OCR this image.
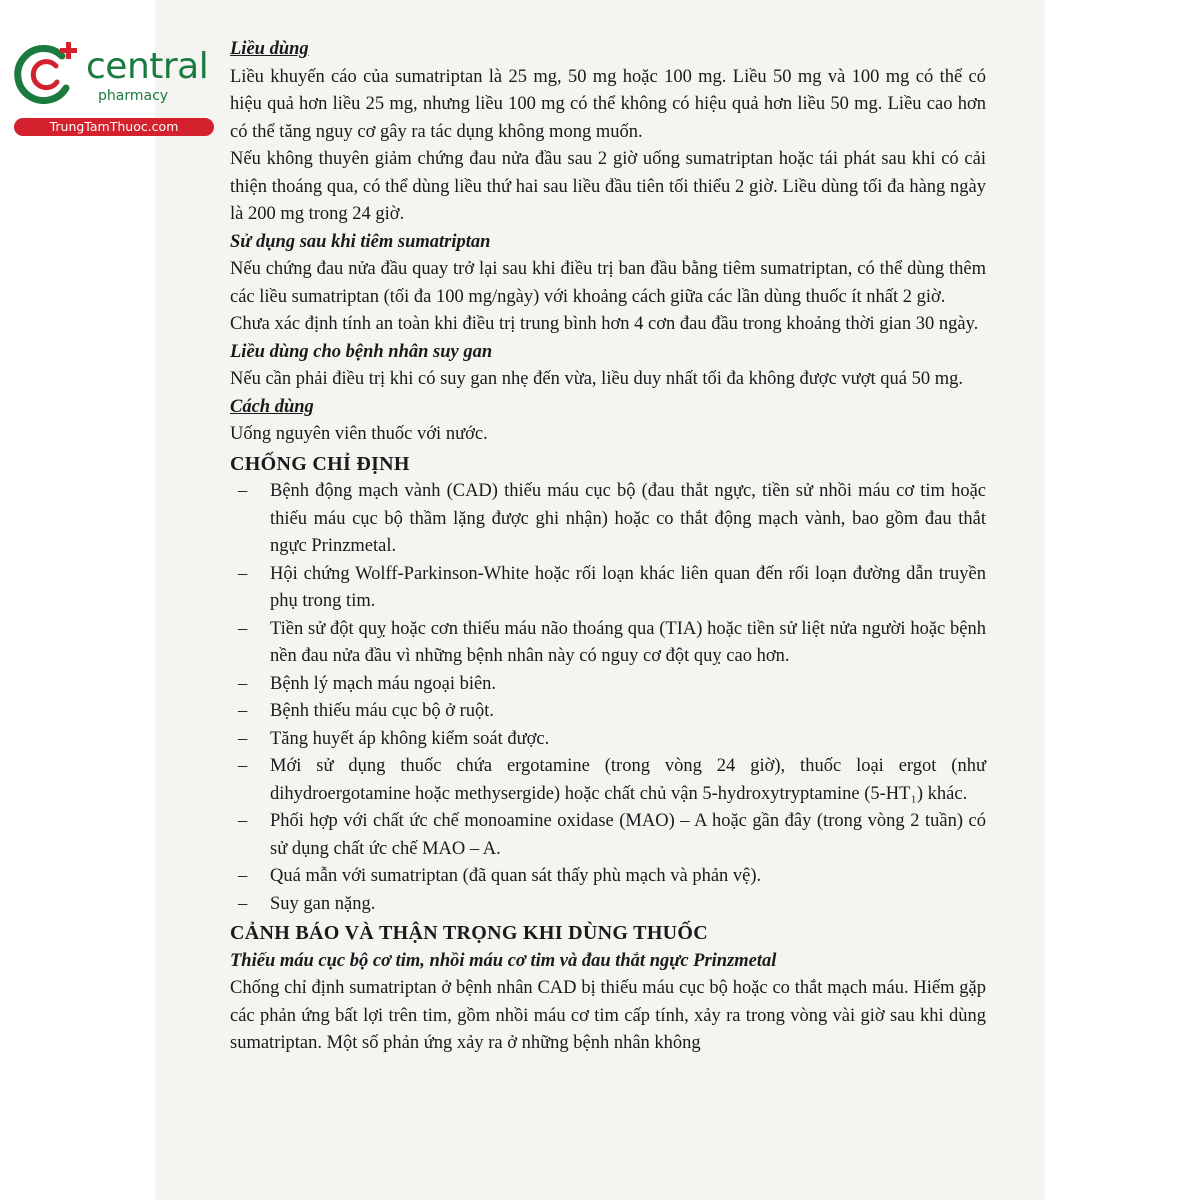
central
pharmacy
TrungTamThuoc.com

Liều dùng

Liều khuyến cáo của sumatriptan là 25 mg, 50 mg hoặc 100 mg. Liều 50 mg và 100 mg có thể có hiệu quả hơn liều 25 mg, nhưng liều 100 mg có thể không có hiệu quả hơn liều 50 mg. Liều cao hơn có thể tăng nguy cơ gây ra tác dụng không mong muốn.

Nếu không thuyên giảm chứng đau nửa đầu sau 2 giờ uống sumatriptan hoặc tái phát sau khi có cải thiện thoáng qua, có thể dùng liều thứ hai sau liều đầu tiên tối thiểu 2 giờ. Liều dùng tối đa hàng ngày là 200 mg trong 24 giờ.

Sử dụng sau khi tiêm sumatriptan

Nếu chứng đau nửa đầu quay trở lại sau khi điều trị ban đầu bằng tiêm sumatriptan, có thể dùng thêm các liều sumatriptan (tối đa 100 mg/ngày) với khoảng cách giữa các lần dùng thuốc ít nhất 2 giờ.

Chưa xác định tính an toàn khi điều trị trung bình hơn 4 cơn đau đầu trong khoảng thời gian 30 ngày.

Liều dùng cho bệnh nhân suy gan

Nếu cần phải điều trị khi có suy gan nhẹ đến vừa, liều duy nhất tối đa không được vượt quá 50 mg.

Cách dùng

Uống nguyên viên thuốc với nước.

CHỐNG CHỈ ĐỊNH

– Bệnh động mạch vành (CAD) thiếu máu cục bộ (đau thắt ngực, tiền sử nhồi máu cơ tim hoặc thiếu máu cục bộ thầm lặng được ghi nhận) hoặc co thắt động mạch vành, bao gồm đau thắt ngực Prinzmetal.
– Hội chứng Wolff-Parkinson-White hoặc rối loạn khác liên quan đến rối loạn đường dẫn truyền phụ trong tim.
– Tiền sử đột quỵ hoặc cơn thiếu máu não thoáng qua (TIA) hoặc tiền sử liệt nửa người hoặc bệnh nền đau nửa đầu vì những bệnh nhân này có nguy cơ đột quỵ cao hơn.
– Bệnh lý mạch máu ngoại biên.
– Bệnh thiếu máu cục bộ ở ruột.
– Tăng huyết áp không kiểm soát được.
– Mới sử dụng thuốc chứa ergotamine (trong vòng 24 giờ), thuốc loại ergot (như dihydroergotamine hoặc methysergide) hoặc chất chủ vận 5-hydroxytryptamine (5-HT₁) khác.
– Phối hợp với chất ức chế monoamine oxidase (MAO) – A hoặc gần đây (trong vòng 2 tuần) có sử dụng chất ức chế MAO – A.
– Quá mẫn với sumatriptan (đã quan sát thấy phù mạch và phản vệ).
– Suy gan nặng.

CẢNH BÁO VÀ THẬN TRỌNG KHI DÙNG THUỐC

Thiếu máu cục bộ cơ tim, nhồi máu cơ tim và đau thắt ngực Prinzmetal

Chống chỉ định sumatriptan ở bệnh nhân CAD bị thiếu máu cục bộ hoặc co thắt mạch máu. Hiếm gặp các phản ứng bất lợi trên tim, gồm nhồi máu cơ tim cấp tính, xảy ra trong vòng vài giờ sau khi dùng sumatriptan. Một số phản ứng xảy ra ở những bệnh nhân không
